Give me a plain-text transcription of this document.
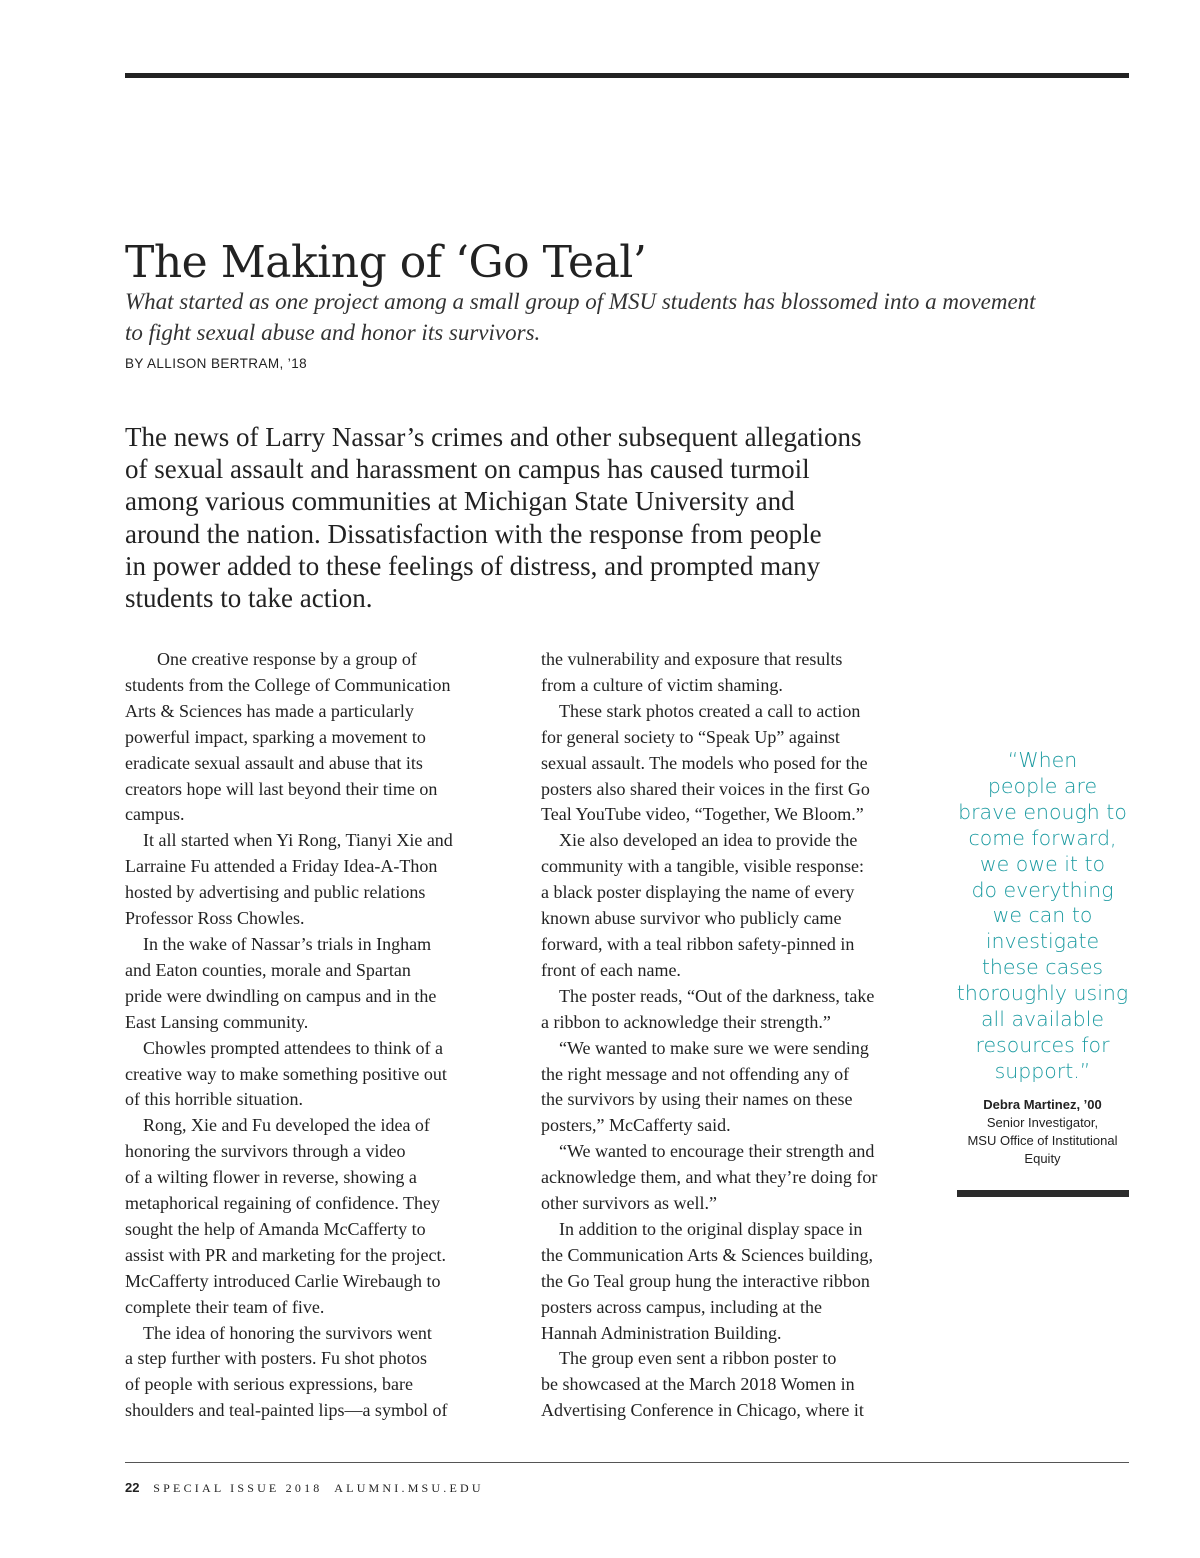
The Making of ‘Go Teal’
What started as one project among a small group of MSU students has blossomed into a movement
to fight sexual abuse and honor its survivors.

BY ALLISON BERTRAM, ’18

The news of Larry Nassar’s crimes and other subsequent allegations
of sexual assault and harassment on campus has caused turmoil
among various communities at Michigan State University and
around the nation. Dissatisfaction with the response from people
in power added to these feelings of distress, and prompted many
students to take action.
One creative response by a group of
students from the College of Communication
Arts & Sciences has made a particularly
powerful impact, sparking a movement to
eradicate sexual assault and abuse that its
creators hope will last beyond their time on
campus.
It all started when Yi Rong, Tianyi Xie and
Larraine Fu attended a Friday Idea-A-Thon
hosted by advertising and public relations
Professor Ross Chowles.
In the wake of Nassar’s trials in Ingham
and Eaton counties, morale and Spartan
pride were dwindling on campus and in the
East Lansing community.
Chowles prompted attendees to think of a
creative way to make something positive out
of this horrible situation.
Rong, Xie and Fu developed the idea of
honoring the survivors through a video
of a wilting flower in reverse, showing a
metaphorical regaining of confidence. They
sought the help of Amanda McCafferty to
assist with PR and marketing for the project.
McCafferty introduced Carlie Wirebaugh to
complete their team of five.
The idea of honoring the survivors went
a step further with posters. Fu shot photos
of people with serious expressions, bare
shoulders and teal-painted lips—a symbol of
the vulnerability and exposure that results
from a culture of victim shaming.
These stark photos created a call to action
for general society to “Speak Up” against
sexual assault. The models who posed for the
posters also shared their voices in the first Go
Teal YouTube video, “Together, We Bloom.”
Xie also developed an idea to provide the
community with a tangible, visible response:
a black poster displaying the name of every
known abuse survivor who publicly came
forward, with a teal ribbon safety-pinned in
front of each name.
The poster reads, “Out of the darkness, take
a ribbon to acknowledge their strength.”
“We wanted to make sure we were sending
the right message and not offending any of
the survivors by using their names on these
posters,” McCafferty said.
“We wanted to encourage their strength and
acknowledge them, and what they’re doing for
other survivors as well.”
In addition to the original display space in
the Communication Arts & Sciences building,
the Go Teal group hung the interactive ribbon
posters across campus, including at the
Hannah Administration Building.
The group even sent a ribbon poster to
be showcased at the March 2018 Women in
Advertising Conference in Chicago, where it
“When
people are
brave enough to
come forward,
we owe it to
do everything
we can to
investigate
these cases
thoroughly using
all available
resources for
support.”
Debra Martinez, ’00
Senior Investigator,
MSU Office of Institutional
Equity
22 SPECIAL ISSUE 2018 ALUMNI.MSU.EDU
